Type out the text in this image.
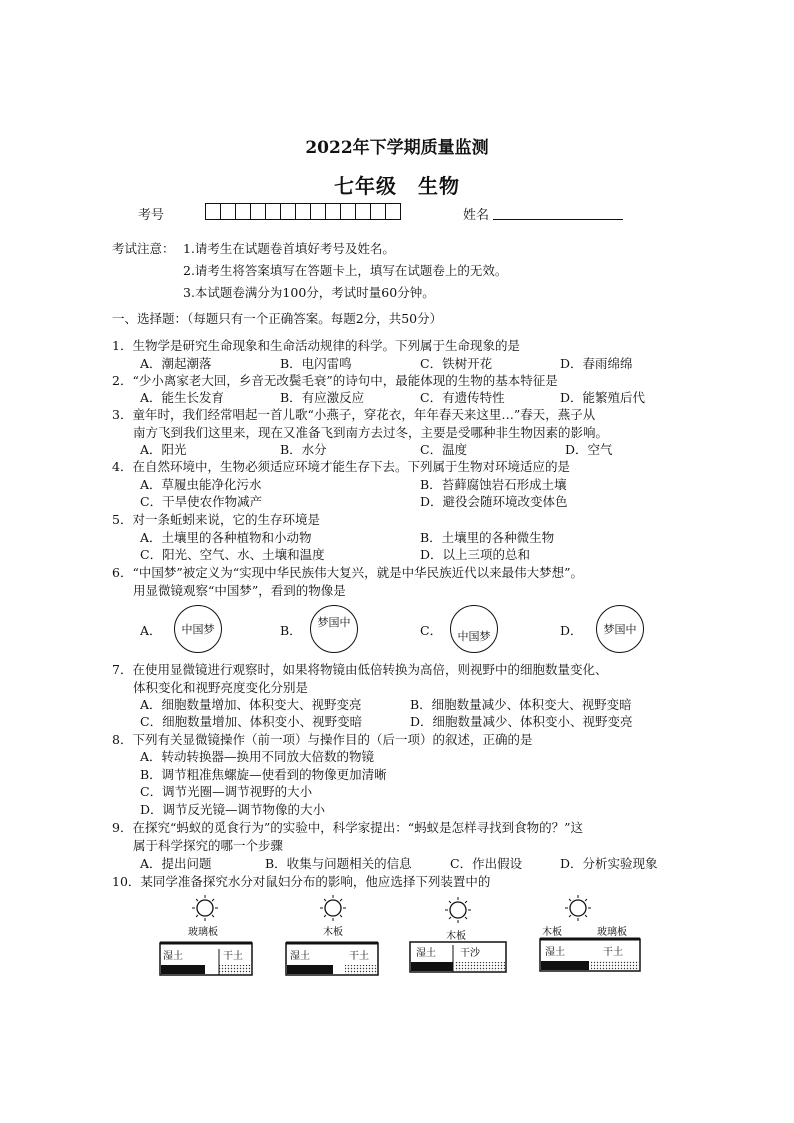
2022年下学期质量监测
七年级　生物
考号	姓名
考试注意： 1.请考生在试题卷首填好考号及姓名。
2.请考生将答案填写在答题卡上，填写在试题卷上的无效。
3.本试题卷满分为100分，考试时量60分钟。
一、选择题：（每题只有一个正确答案。每题2分，共50分）
1．生物学是研究生命现象和生命活动规律的科学。下列属于生命现象的是
A．潮起潮落	B．电闪雷鸣	C．铁树开花	D．春雨绵绵
2．“少小离家老大回，乡音无改鬓毛衰”的诗句中，最能体现的生物的基本特征是
A．能生长发育	B．有应激反应	C．有遗传特性	D．能繁殖后代
3．童年时，我们经常唱起一首儿歌“小燕子，穿花衣，年年春天来这里…”春天，燕子从
南方飞到我们这里来，现在又准备飞到南方去过冬，主要是受哪种非生物因素的影响。
A．阳光	B．水分	C．温度	D．空气
4．在自然环境中，生物必须适应环境才能生存下去。下列属于生物对环境适应的是
A．草履虫能净化污水	B．苔藓腐蚀岩石形成土壤
C．干旱使农作物减产	D．避役会随环境改变体色
5．对一条蚯蚓来说，它的生存环境是
A．土壤里的各种植物和小动物	B．土壤里的各种微生物
C．阳光、空气、水、土壤和温度	D．以上三项的总和
6．“中国梦”被定义为“实现中华民族伟大复兴，就是中华民族近代以来最伟大梦想”。
用显微镜观察“中国梦”，看到的物像是
A． 中国梦	B．
梦国中
C． 中国梦	D． 梦国中
7．在使用显微镜进行观察时，如果将物镜由低倍转换为高倍，则视野中的细胞数量变化、
体积变化和视野亮度变化分别是
A．细胞数量增加、体积变大、视野变亮	B．细胞数量减少、体积变大、视野变暗
C．细胞数量增加、体积变小、视野变暗	D．细胞数量减少、体积变小、视野变亮
8．下列有关显微镜操作（前一项）与操作目的（后一项）的叙述，正确的是
A．转动转换器—换用不同放大倍数的物镜
B．调节粗准焦螺旋—使看到的物像更加清晰
C．调节光圈—调节视野的大小
D．调节反光镜—调节物像的大小
9．在探究“蚂蚁的觅食行为”的实验中，科学家提出：“蚂蚁是怎样寻找到食物的？”这
属于科学探究的哪一个步骤
A．提出问题	B．收集与问题相关的信息	C．作出假设	D．分析实验现象
10．某同学准备探究水分对鼠妇分布的影响，他应选择下列装置中的
玻璃板
湿土	干土
木板
湿土	干土
木板
湿土 干沙
木板	玻璃板
湿土	干土
